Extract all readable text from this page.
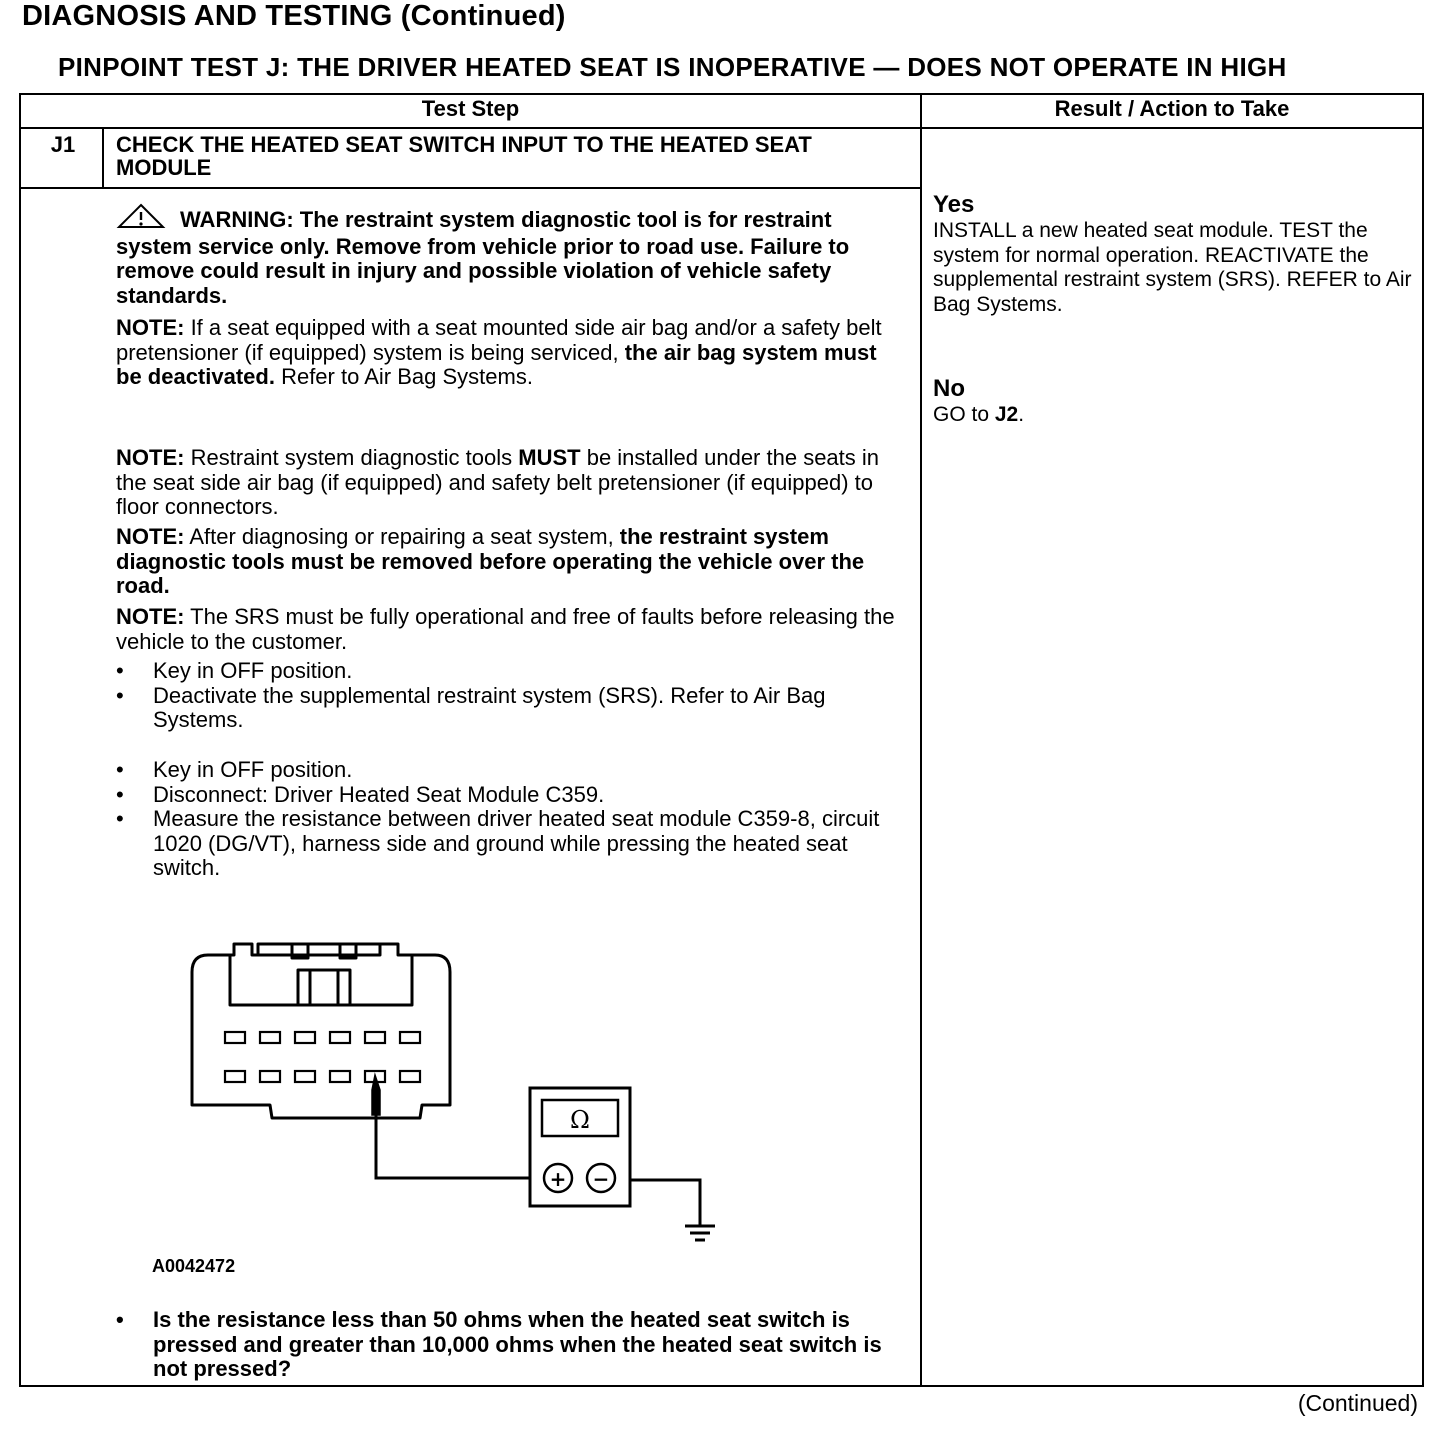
DIAGNOSIS AND TESTING (Continued)
PINPOINT TEST J: THE DRIVER HEATED SEAT IS INOPERATIVE — DOES NOT OPERATE IN HIGH
Test Step	Result / Action to Take
J1	CHECK THE HEATED SEAT SWITCH INPUT TO THE HEATED SEAT MODULE
WARNING: The restraint system diagnostic tool is for restraint system service only. Remove from vehicle prior to road use. Failure to remove could result in injury and possible violation of vehicle safety standards.
NOTE: If a seat equipped with a seat mounted side air bag and/or a safety belt pretensioner (if equipped) system is being serviced, the air bag system must be deactivated. Refer to Air Bag Systems.
NOTE: Restraint system diagnostic tools MUST be installed under the seats in the seat side air bag (if equipped) and safety belt pretensioner (if equipped) to floor connectors.
NOTE: After diagnosing or repairing a seat system, the restraint system diagnostic tools must be removed before operating the vehicle over the road.
NOTE: The SRS must be fully operational and free of faults before releasing the vehicle to the customer.
• Key in OFF position.
• Deactivate the supplemental restraint system (SRS). Refer to Air Bag Systems.
• Key in OFF position.
• Disconnect: Driver Heated Seat Module C359.
• Measure the resistance between driver heated seat module C359-8, circuit 1020 (DG/VT), harness side and ground while pressing the heated seat switch.
Ω
+ −
A0042472
• Is the resistance less than 50 ohms when the heated seat switch is pressed and greater than 10,000 ohms when the heated seat switch is not pressed?
Yes
INSTALL a new heated seat module. TEST the system for normal operation. REACTIVATE the supplemental restraint system (SRS). REFER to Air Bag Systems.
No
GO to J2.
(Continued)
